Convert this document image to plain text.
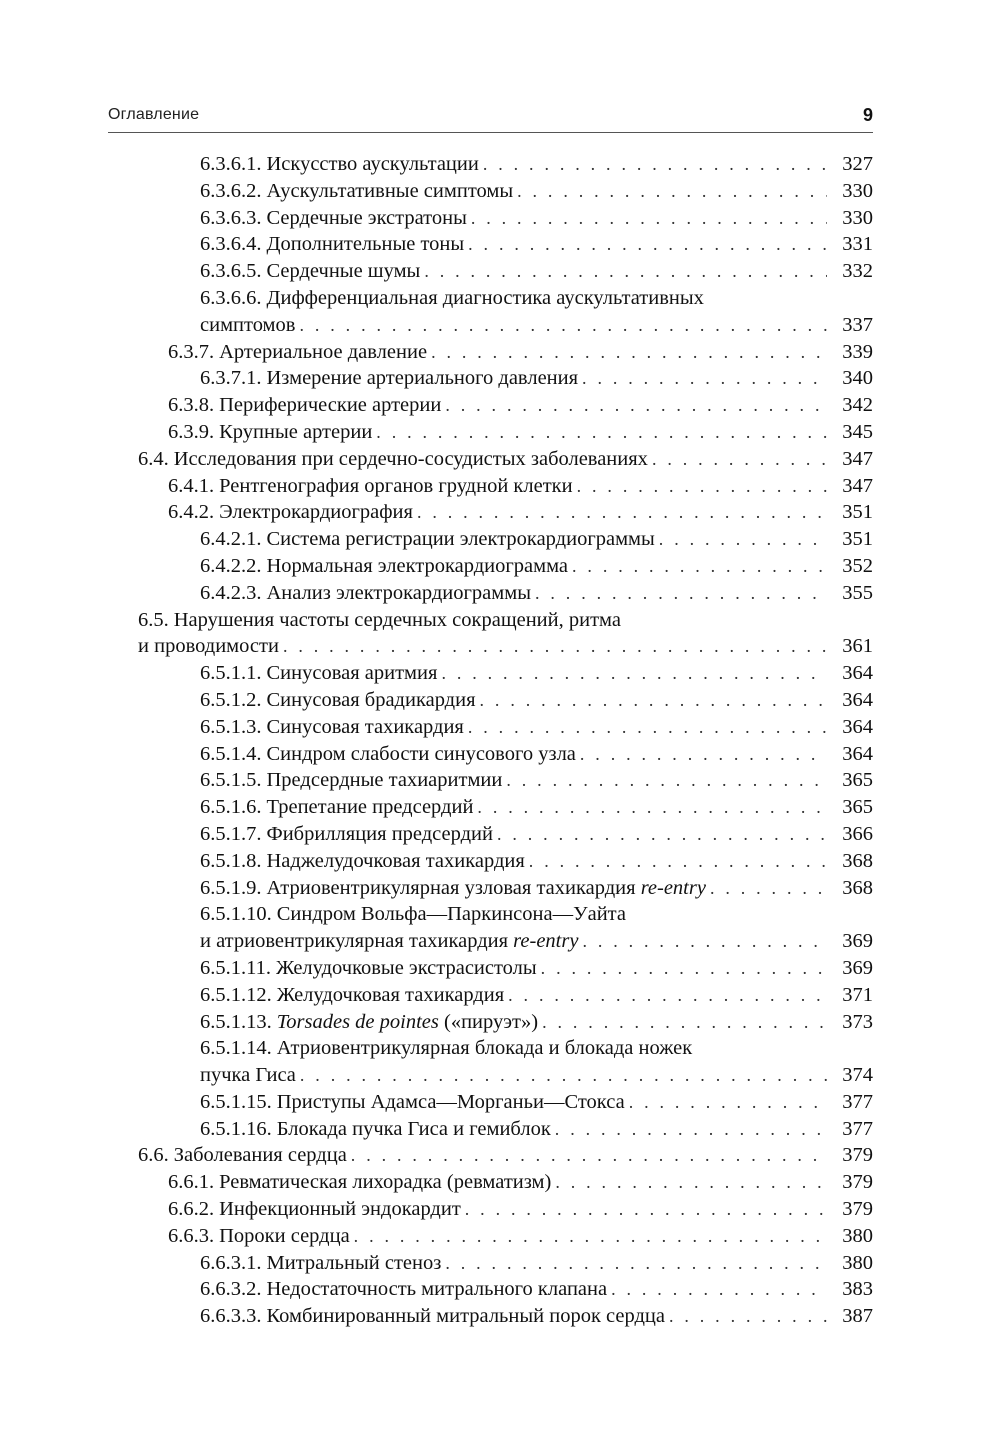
Оглавление	9
6.3.6.1. Искусство аускультации . . .	327
6.3.6.2. Аускультативные симптомы . . .	330
6.3.6.3. Сердечные экстратоны . . .	330
6.3.6.4. Дополнительные тоны . . .	331
6.3.6.5. Сердечные шумы . . .	332
6.3.6.6. Дифференциальная диагностика аускультативных
симптомов . . .	337
6.3.7. Артериальное давление . . .	339
6.3.7.1. Измерение артериального давления . . .	340
6.3.8. Периферические артерии . . .	342
6.3.9. Крупные артерии . . .	345
6.4. Исследования при сердечно-сосудистых заболеваниях . . .	347
6.4.1. Рентгенография органов грудной клетки . . .	347
6.4.2. Электрокардиография . . .	351
6.4.2.1. Система регистрации электрокардиограммы . . .	351
6.4.2.2. Нормальная электрокардиограмма . . .	352
6.4.2.3. Анализ электрокардиограммы . . .	355
6.5. Нарушения частоты сердечных сокращений, ритма
и проводимости . . .	361
6.5.1.1. Синусовая аритмия . . .	364
6.5.1.2. Синусовая брадикардия . . .	364
6.5.1.3. Синусовая тахикардия . . .	364
6.5.1.4. Синдром слабости синусового узла . . .	364
6.5.1.5. Предсердные тахиаритмии . . .	365
6.5.1.6. Трепетание предсердий . . .	365
6.5.1.7. Фибрилляция предсердий . . .	366
6.5.1.8. Наджелудочковая тахикардия . . .	368
6.5.1.9. Атриовентрикулярная узловая тахикардия re-entry . . .	368
6.5.1.10. Синдром Вольфа—Паркинсона—Уайта
и атриовентрикулярная тахикардия re-entry . . .	369
6.5.1.11. Желудочковые экстрасистолы . . .	369
6.5.1.12. Желудочковая тахикардия . . .	371
6.5.1.13. Torsades de pointes («пируэт») . . .	373
6.5.1.14. Атриовентрикулярная блокада и блокада ножек
пучка Гиса . . .	374
6.5.1.15. Приступы Адамса—Морганьи—Стокса . . .	377
6.5.1.16. Блокада пучка Гиса и гемиблок . . .	377
6.6. Заболевания сердца . . .	379
6.6.1. Ревматическая лихорадка (ревматизм) . . .	379
6.6.2. Инфекционный эндокардит . . .	379
6.6.3. Пороки сердца . . .	380
6.6.3.1. Митральный стеноз . . .	380
6.6.3.2. Недостаточность митрального клапана . . .	383
6.6.3.3. Комбинированный митральный порок сердца . . .	387
